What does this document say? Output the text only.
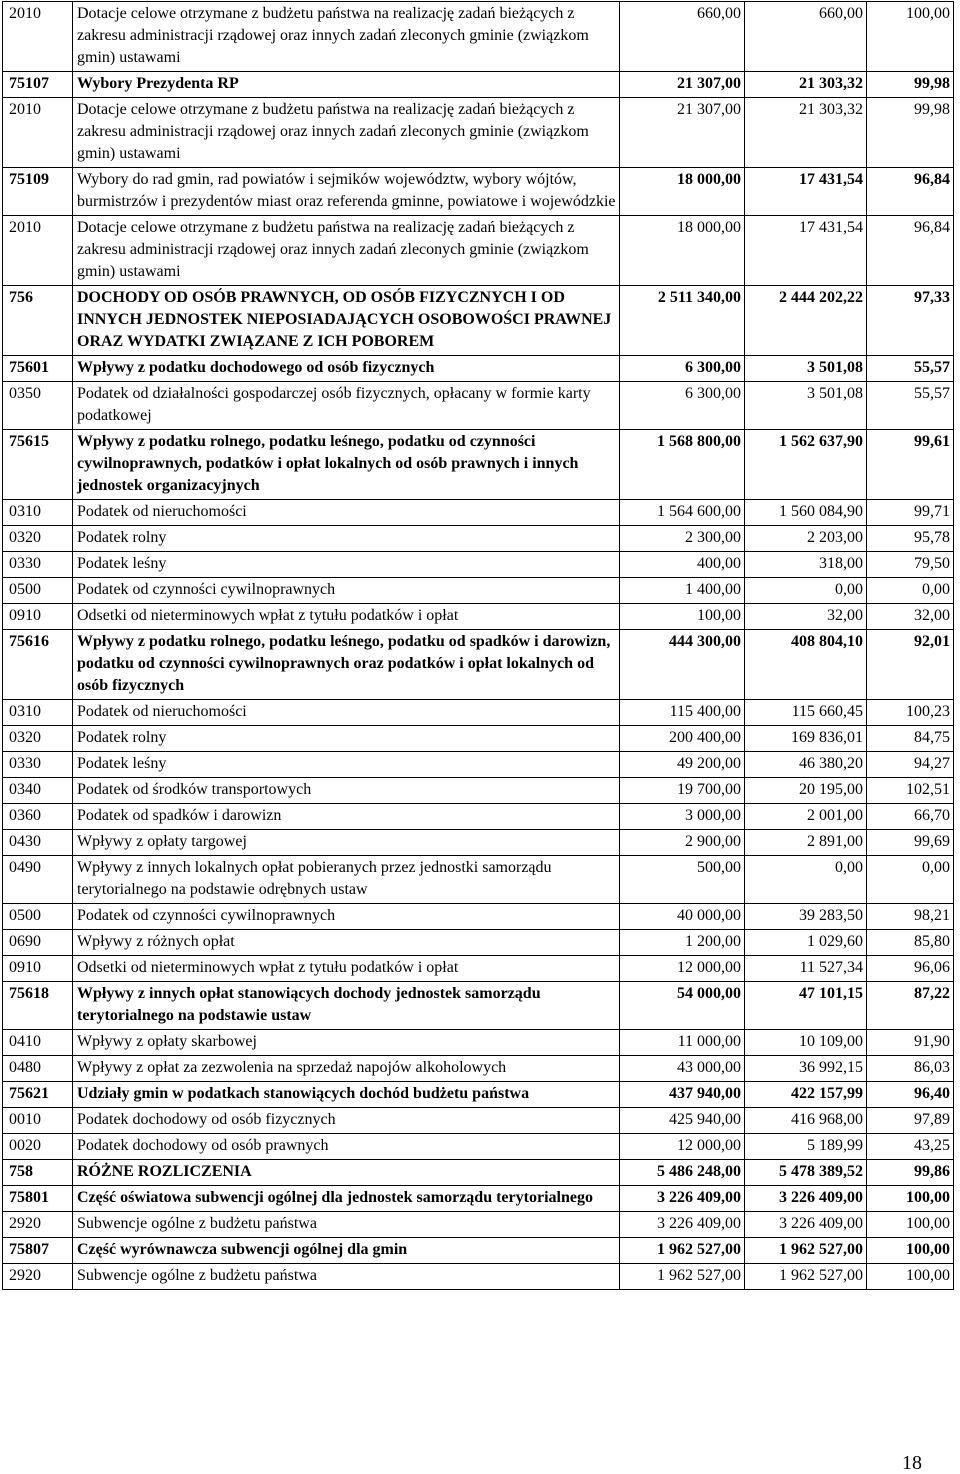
2010	Dotacje celowe otrzymane z budżetu państwa na realizację zadań bieżących z zakresu administracji rządowej oraz innych zadań zleconych gminie (związkom gmin) ustawami	660,00	660,00	100,00
75107	Wybory Prezydenta RP	21 307,00	21 303,32	99,98
2010	Dotacje celowe otrzymane z budżetu państwa na realizację zadań bieżących z zakresu administracji rządowej oraz innych zadań zleconych gminie (związkom gmin) ustawami	21 307,00	21 303,32	99,98
75109	Wybory do rad gmin, rad powiatów i sejmików województw, wybory wójtów, burmistrzów i prezydentów miast oraz referenda gminne, powiatowe i wojewódzkie	18 000,00	17 431,54	96,84
2010	Dotacje celowe otrzymane z budżetu państwa na realizację zadań bieżących z zakresu administracji rządowej oraz innych zadań zleconych gminie (związkom gmin) ustawami	18 000,00	17 431,54	96,84
756	DOCHODY OD OSÓB PRAWNYCH, OD OSÓB FIZYCZNYCH I OD INNYCH JEDNOSTEK NIEPOSIADAJĄCYCH OSOBOWOŚCI PRAWNEJ ORAZ WYDATKI ZWIĄZANE Z ICH POBOREM	2 511 340,00	2 444 202,22	97,33
75601	Wpływy z podatku dochodowego od osób fizycznych	6 300,00	3 501,08	55,57
0350	Podatek od działalności gospodarczej osób fizycznych, opłacany w formie karty podatkowej	6 300,00	3 501,08	55,57
75615	Wpływy z podatku rolnego, podatku leśnego, podatku od czynności cywilnoprawnych, podatków i opłat lokalnych od osób prawnych i innych jednostek organizacyjnych	1 568 800,00	1 562 637,90	99,61
0310	Podatek od nieruchomości	1 564 600,00	1 560 084,90	99,71
0320	Podatek rolny	2 300,00	2 203,00	95,78
0330	Podatek leśny	400,00	318,00	79,50
0500	Podatek od czynności cywilnoprawnych	1 400,00	0,00	0,00
0910	Odsetki od nieterminowych wpłat z tytułu podatków i opłat	100,00	32,00	32,00
75616	Wpływy z podatku rolnego, podatku leśnego, podatku od spadków i darowizn, podatku od czynności cywilnoprawnych oraz podatków i opłat lokalnych od osób fizycznych	444 300,00	408 804,10	92,01
0310	Podatek od nieruchomości	115 400,00	115 660,45	100,23
0320	Podatek rolny	200 400,00	169 836,01	84,75
0330	Podatek leśny	49 200,00	46 380,20	94,27
0340	Podatek od środków transportowych	19 700,00	20 195,00	102,51
0360	Podatek od spadków i darowizn	3 000,00	2 001,00	66,70
0430	Wpływy z opłaty targowej	2 900,00	2 891,00	99,69
0490	Wpływy z innych lokalnych opłat pobieranych przez jednostki samorządu terytorialnego na podstawie odrębnych ustaw	500,00	0,00	0,00
0500	Podatek od czynności cywilnoprawnych	40 000,00	39 283,50	98,21
0690	Wpływy z różnych opłat	1 200,00	1 029,60	85,80
0910	Odsetki od nieterminowych wpłat z tytułu podatków i opłat	12 000,00	11 527,34	96,06
75618	Wpływy z innych opłat stanowiących dochody jednostek samorządu terytorialnego na podstawie ustaw	54 000,00	47 101,15	87,22
0410	Wpływy z opłaty skarbowej	11 000,00	10 109,00	91,90
0480	Wpływy z opłat za zezwolenia na sprzedaż napojów alkoholowych	43 000,00	36 992,15	86,03
75621	Udziały gmin w podatkach stanowiących dochód budżetu państwa	437 940,00	422 157,99	96,40
0010	Podatek dochodowy od osób fizycznych	425 940,00	416 968,00	97,89
0020	Podatek dochodowy od osób prawnych	12 000,00	5 189,99	43,25
758	RÓŻNE ROZLICZENIA	5 486 248,00	5 478 389,52	99,86
75801	Część oświatowa subwencji ogólnej dla jednostek samorządu terytorialnego	3 226 409,00	3 226 409,00	100,00
2920	Subwencje ogólne z budżetu państwa	3 226 409,00	3 226 409,00	100,00
75807	Część wyrównawcza subwencji ogólnej dla gmin	1 962 527,00	1 962 527,00	100,00
2920	Subwencje ogólne z budżetu państwa	1 962 527,00	1 962 527,00	100,00
18
